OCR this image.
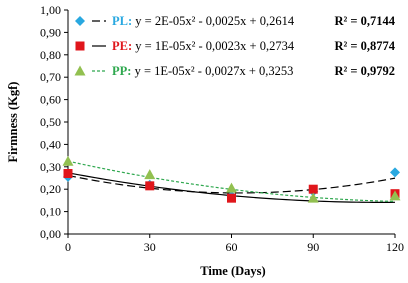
0,00
0,10
0,20
0,30
0,40
0,50
0,60
0,70
0,80
0,90
1,00
0	30	60	90	120
PL: y = 2E-05x² - 0,0025x + 0,2614	R² = 0,7144
PE: y = 1E-05x² - 0,0023x + 0,2734	R² = 0,8774
PP: y = 1E-05x² - 0,0027x + 0,3253	R² = 0,9792
Time (Days)
Firmness (Kgf)
